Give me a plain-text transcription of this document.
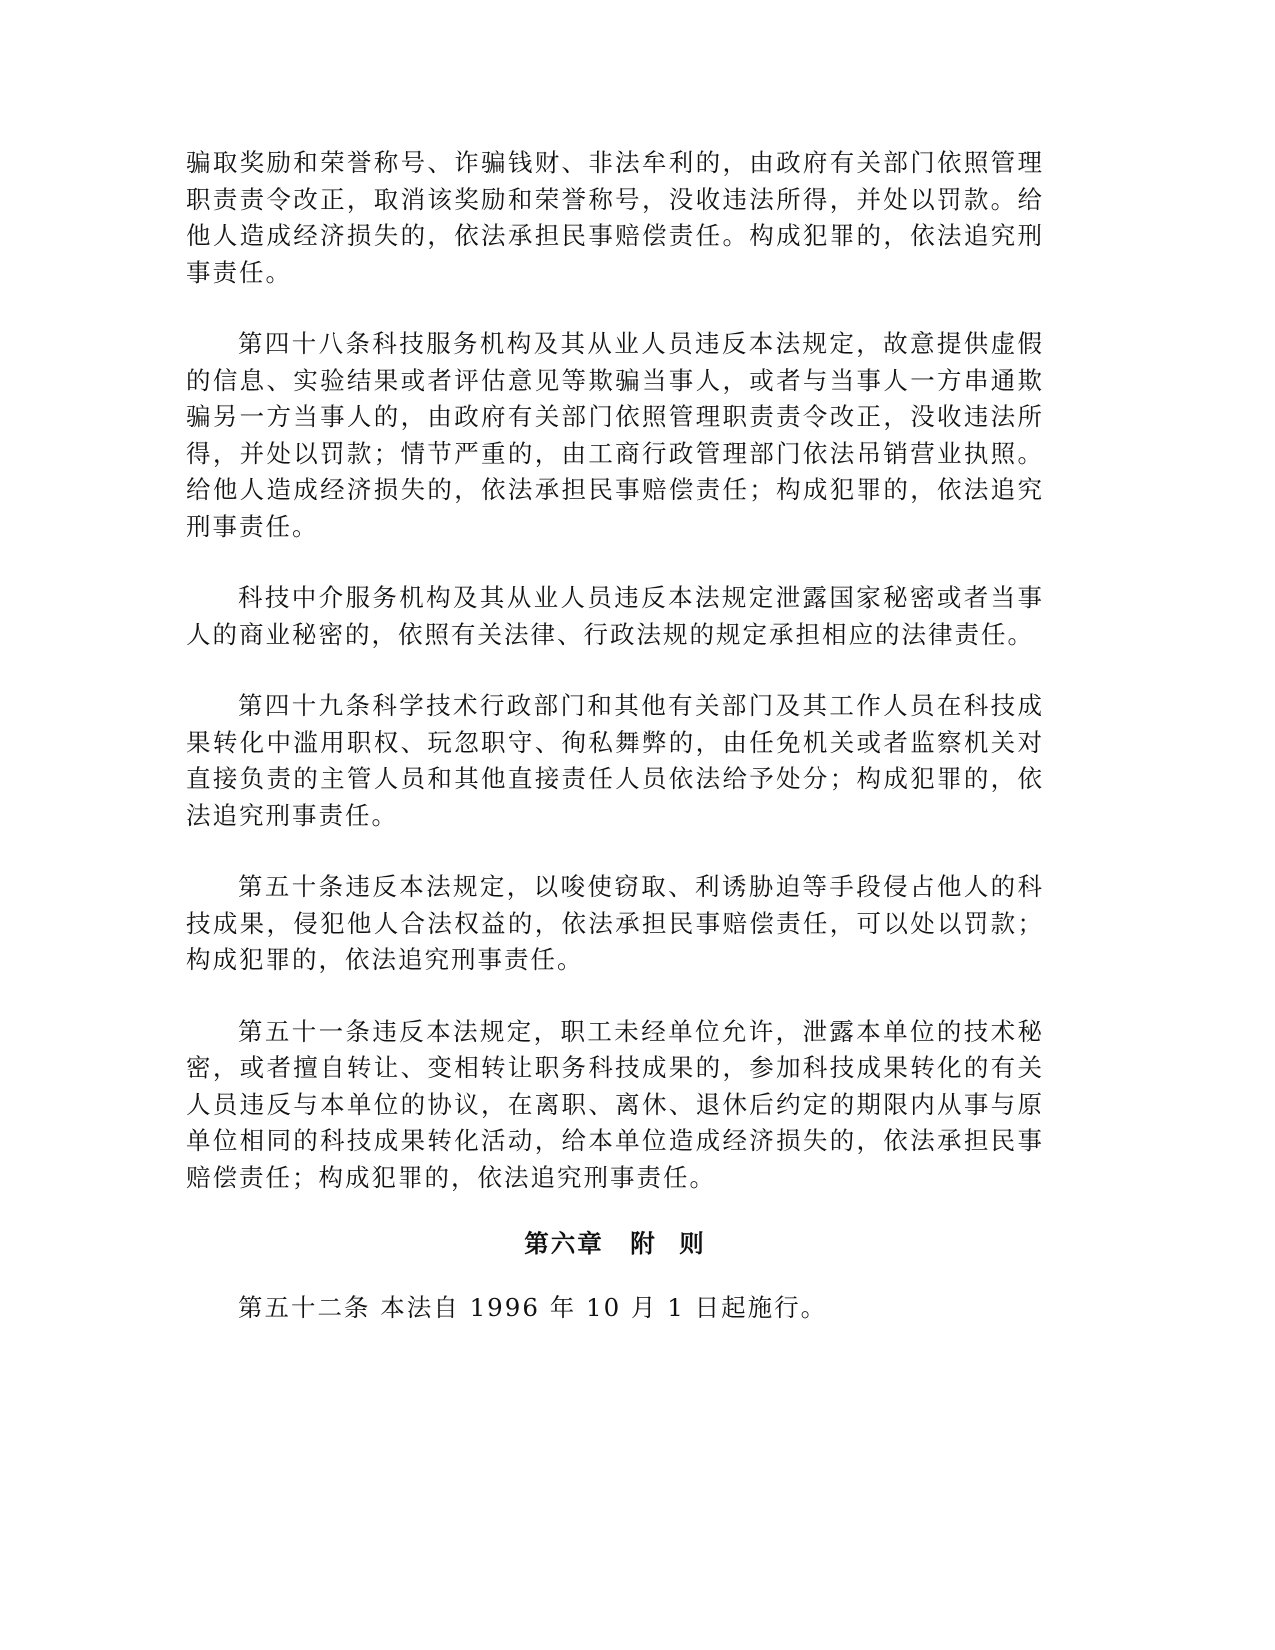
骗取奖励和荣誉称号、诈骗钱财、非法牟利的，由政府有关部门依照管理职责责令改正，取消该奖励和荣誉称号，没收违法所得，并处以罚款。给他人造成经济损失的，依法承担民事赔偿责任。构成犯罪的，依法追究刑事责任。

第四十八条科技服务机构及其从业人员违反本法规定，故意提供虚假的信息、实验结果或者评估意见等欺骗当事人，或者与当事人一方串通欺骗另一方当事人的，由政府有关部门依照管理职责责令改正，没收违法所得，并处以罚款；情节严重的，由工商行政管理部门依法吊销营业执照。给他人造成经济损失的，依法承担民事赔偿责任；构成犯罪的，依法追究刑事责任。

科技中介服务机构及其从业人员违反本法规定泄露国家秘密或者当事人的商业秘密的，依照有关法律、行政法规的规定承担相应的法律责任。

第四十九条科学技术行政部门和其他有关部门及其工作人员在科技成果转化中滥用职权、玩忽职守、徇私舞弊的，由任免机关或者监察机关对直接负责的主管人员和其他直接责任人员依法给予处分；构成犯罪的，依法追究刑事责任。

第五十条违反本法规定，以唆使窃取、利诱胁迫等手段侵占他人的科技成果，侵犯他人合法权益的，依法承担民事赔偿责任，可以处以罚款；构成犯罪的，依法追究刑事责任。

第五十一条违反本法规定，职工未经单位允许，泄露本单位的技术秘密，或者擅自转让、变相转让职务科技成果的，参加科技成果转化的有关人员违反与本单位的协议，在离职、离休、退休后约定的期限内从事与原单位相同的科技成果转化活动，给本单位造成经济损失的，依法承担民事赔偿责任；构成犯罪的，依法追究刑事责任。

第六章　附 则

第五十二条 本法自 1996 年 10 月 1 日起施行。
